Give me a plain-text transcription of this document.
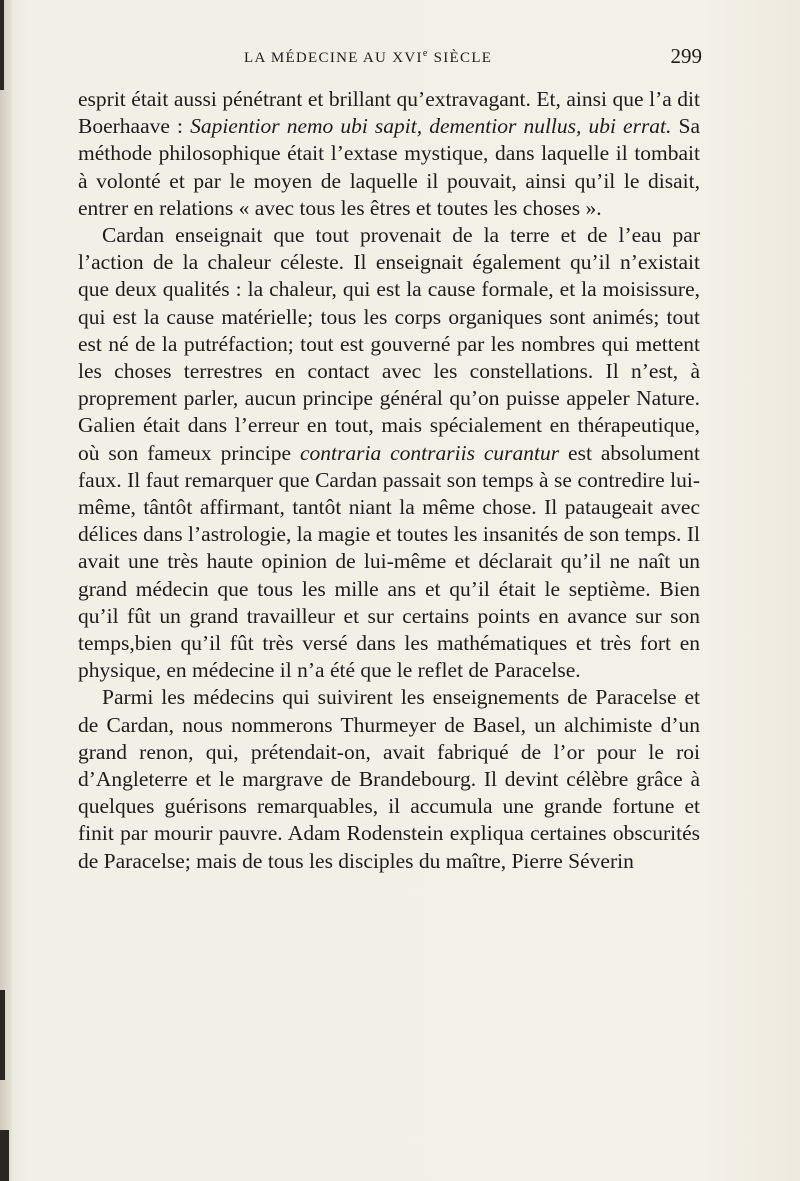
LA MÉDECINE AU XVIe SIÈCLE	299

esprit était aussi pénétrant et brillant qu’extravagant. Et, ainsi que l’a dit Boerhaave : Sapientior nemo ubi sapit, dementior nullus, ubi errat. Sa méthode philosophique était l’extase mystique, dans laquelle il tombait à volonté et par le moyen de laquelle il pouvait, ainsi qu’il le disait, entrer en relations « avec tous les êtres et toutes les choses ».

Cardan enseignait que tout provenait de la terre et de l’eau par l’action de la chaleur céleste. Il enseignait également qu’il n’existait que deux qualités : la chaleur, qui est la cause formale, et la moisissure, qui est la cause matérielle; tous les corps organiques sont animés; tout est né de la putréfaction; tout est gouverné par les nombres qui mettent les choses terrestres en contact avec les constellations. Il n’est, à proprement parler, aucun principe général qu’on puisse appeler Nature. Galien était dans l’erreur en tout, mais spécialement en thérapeutique, où son fameux principe contraria contrariis curantur est absolument faux. Il faut remarquer que Cardan passait son temps à se contredire lui-même, tântôt affirmant, tantôt niant la même chose. Il pataugeait avec délices dans l’astrologie, la magie et toutes les insanités de son temps. Il avait une très haute opinion de lui-même et déclarait qu’il ne naît un grand médecin que tous les mille ans et qu’il était le septième. Bien qu’il fût un grand travailleur et sur certains points en avance sur son temps,bien qu’il fût très versé dans les mathématiques et très fort en physique, en médecine il n’a été que le reflet de Paracelse.

Parmi les médecins qui suivirent les enseignements de Paracelse et de Cardan, nous nommerons Thurmeyer de Basel, un alchimiste d’un grand renon, qui, prétendait-on, avait fabriqué de l’or pour le roi d’Angleterre et le margrave de Brandebourg. Il devint célèbre grâce à quelques guérisons remarquables, il accumula une grande fortune et finit par mourir pauvre. Adam Rodenstein expliqua certaines obscurités de Paracelse; mais de tous les disciples du maître, Pierre Séverin
